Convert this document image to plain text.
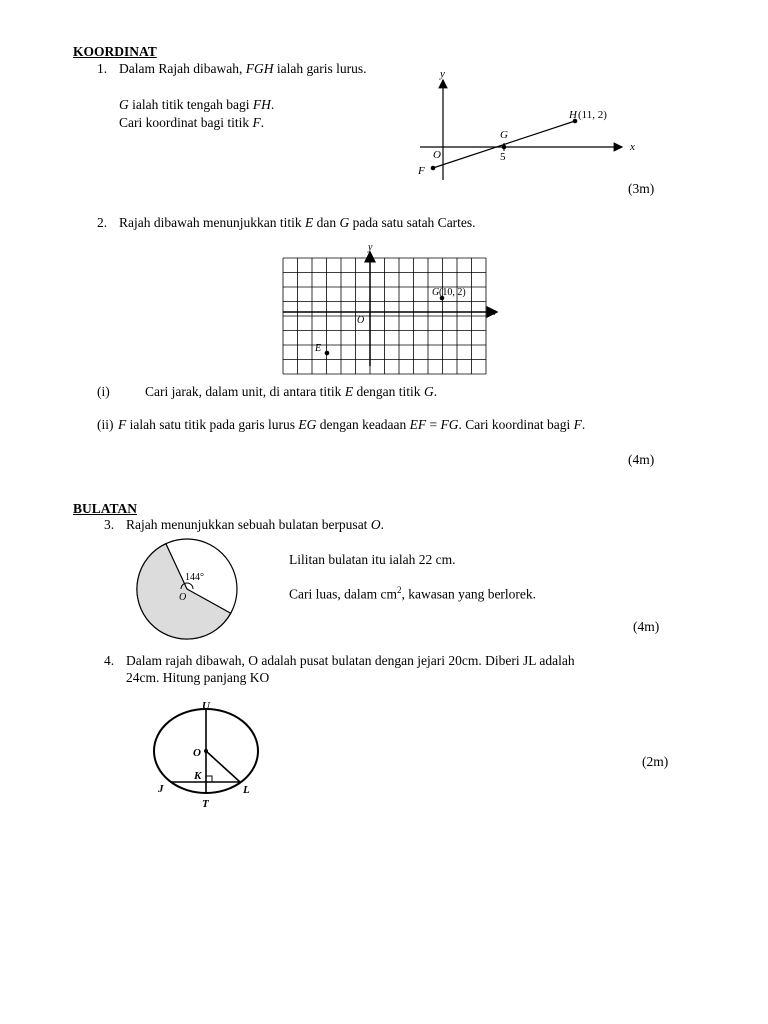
KOORDINAT
1. Dalam Rajah dibawah, FGH ialah garis lurus.
G ialah titik tengah bagi FH.
Cari koordinat bagi titik F.
(3m)
y
x
O
G
5
F
H (11, 2)
2. Rajah dibawah menunjukkan titik E dan G pada satu satah Cartes.
y
x
O
G (10, 2)
E
(i)	Cari jarak, dalam unit, di antara titik E dengan titik G.
(ii) F ialah satu titik pada garis lurus EG dengan keadaan EF = FG. Cari koordinat bagi F.
(4m)
BULATAN
3. Rajah menunjukkan sebuah bulatan berpusat O.
Lilitan bulatan itu ialah 22 cm.
Cari luas, dalam $cm^2$, kawasan yang berlorek.
(4m)
144°
O
4. Dalam rajah dibawah, O adalah pusat bulatan dengan jejari 20cm. Diberi JL adalah
24cm. Hitung panjang KO
(2m)
U
O
K
J	L
T
